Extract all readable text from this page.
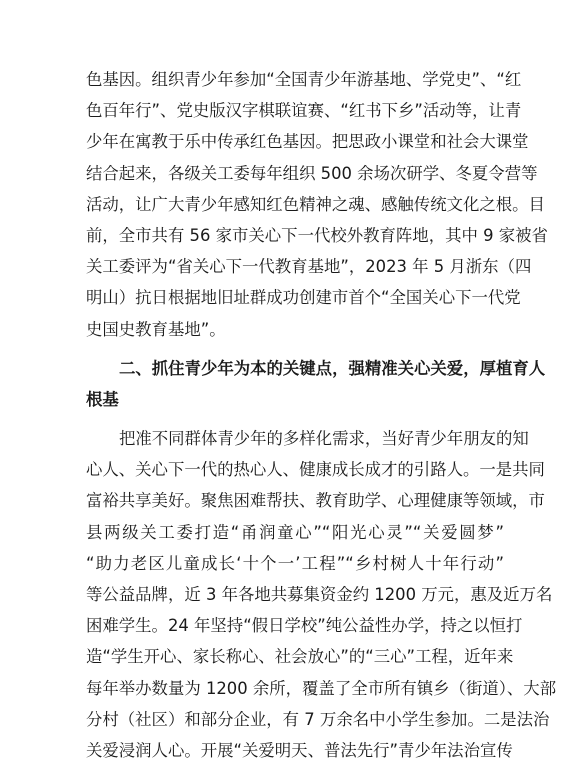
色基因。组织青少年参加“全国青少年游基地、学党史”、“红
色百年行”、党史版汉字棋联谊赛、“红书下乡”活动等，让青
少年在寓教于乐中传承红色基因。把思政小课堂和社会大课堂
结合起来，各级关工委每年组织 500 余场次研学、冬夏令营等
活动，让广大青少年感知红色精神之魂、感触传统文化之根。目
前，全市共有 56 家市关心下一代校外教育阵地，其中 9 家被省
关工委评为“省关心下一代教育基地”，2023 年 5 月浙东（四
明山）抗日根据地旧址群成功创建市首个“全国关心下一代党
史国史教育基地”。
二、抓住青少年为本的关键点，强精准关心关爱，厚植育人
根基
把准不同群体青少年的多样化需求，当好青少年朋友的知
心人、关心下一代的热心人、健康成长成才的引路人。一是共同
富裕共享美好。聚焦困难帮扶、教育助学、心理健康等领域，市
县两级关工委打造“甬润童心”“阳光心灵”“关爱圆梦”
“助力老区儿童成长‘十个一’工程”“乡村树人十年行动”
等公益品牌，近 3 年各地共募集资金约 1200 万元，惠及近万名
困难学生。24 年坚持“假日学校”纯公益性办学，持之以恒打
造“学生开心、家长称心、社会放心”的“三心”工程，近年来
每年举办数量为 1200 余所，覆盖了全市所有镇乡（街道）、大部
分村（社区）和部分企业，有 7 万余名中小学生参加。二是法治
关爱浸润人心。开展“关爱明天、普法先行”青少年法治宣传
